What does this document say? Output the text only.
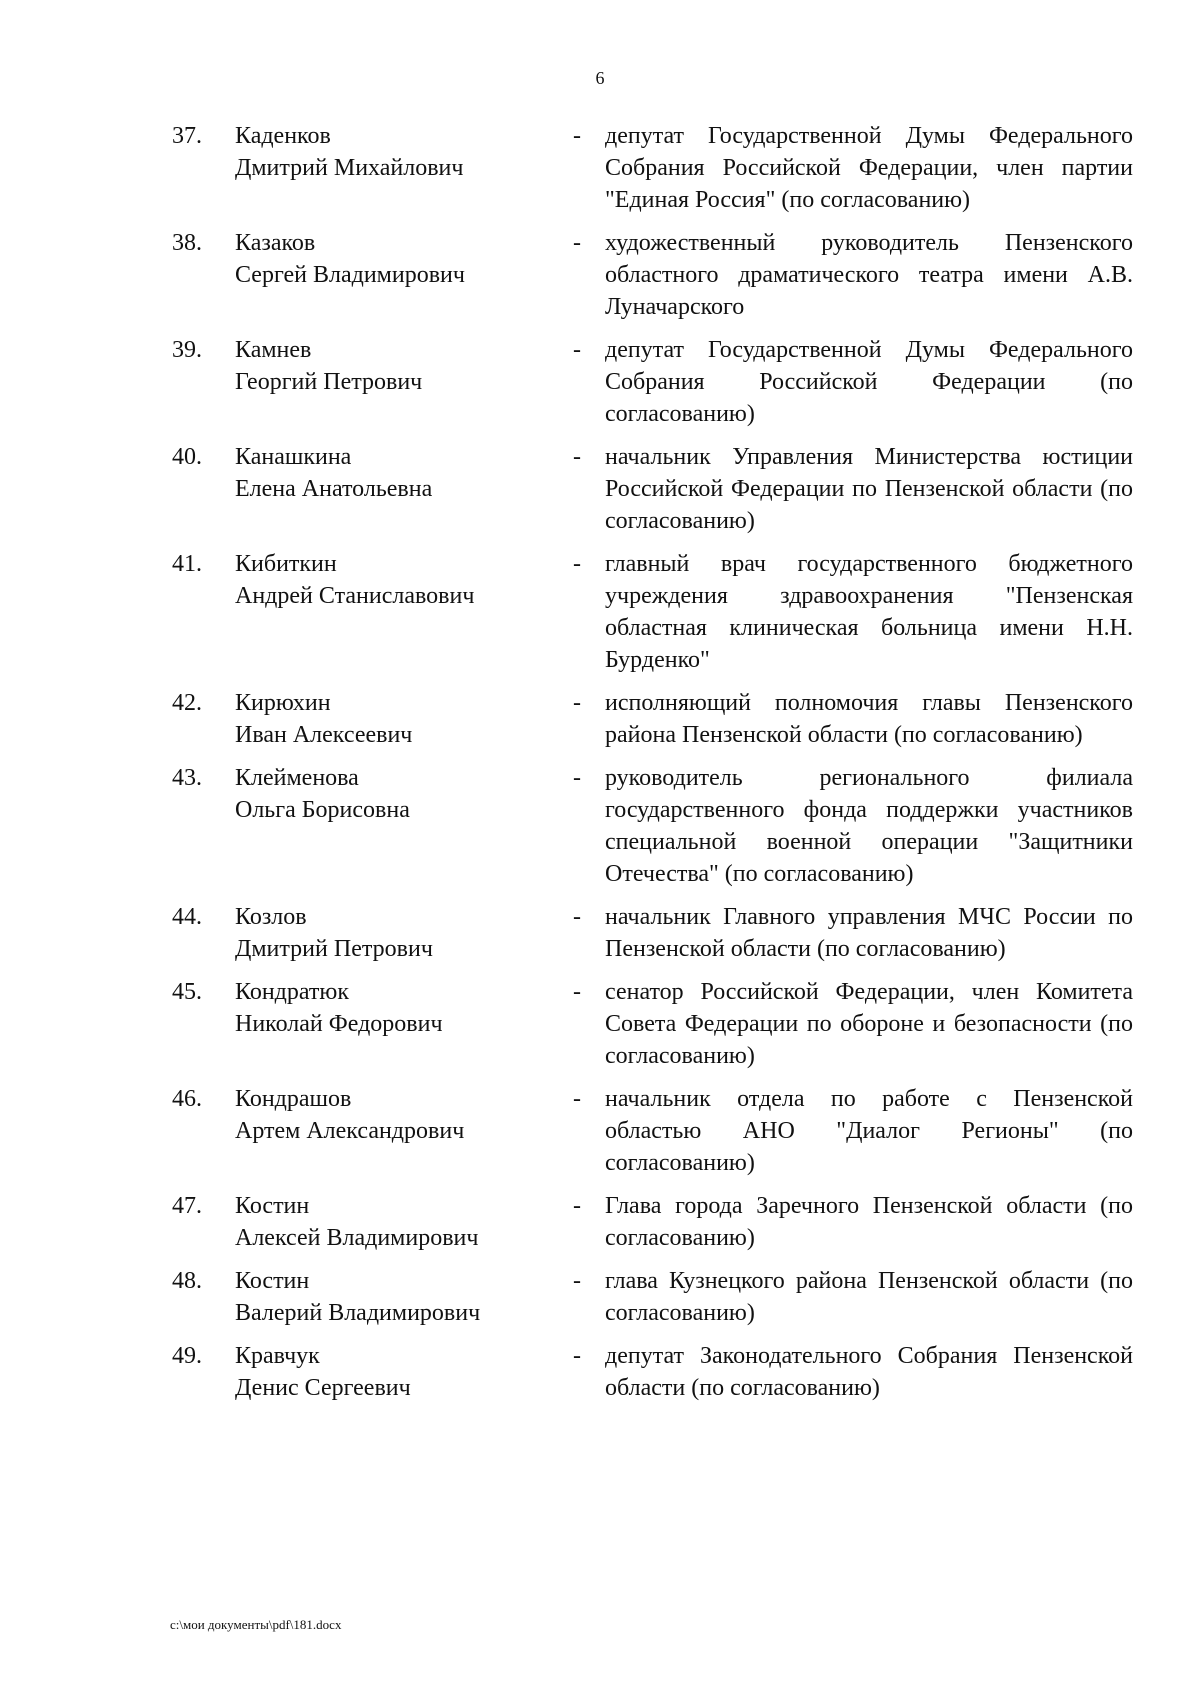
6
37. Каденков
Дмитрий Михайлович
- депутат Государственной Думы Федерального Собрания Российской Федерации, член партии "Единая Россия" (по согласованию)
38. Казаков
Сергей Владимирович
- художественный руководитель Пензенского областного драматического театра имени А.В. Луначарского
39. Камнев
Георгий Петрович
- депутат Государственной Думы Федерального Собрания Российской Федерации (по согласованию)
40. Канашкина
Елена Анатольевна
- начальник Управления Министерства юстиции Российской Федерации по Пензенской области (по согласованию)
41. Кибиткин
Андрей Станиславович
- главный врач государственного бюджетного учреждения здравоохранения "Пензенская областная клиническая больница имени Н.Н. Бурденко"
42. Кирюхин
Иван Алексеевич
- исполняющий полномочия главы Пензенского района Пензенской области (по согласованию)
43. Клейменова
Ольга Борисовна
- руководитель регионального филиала государственного фонда поддержки участников специальной военной операции "Защитники Отечества" (по согласованию)
44. Козлов
Дмитрий Петрович
- начальник Главного управления МЧС России по Пензенской области (по согласованию)
45. Кондратюк
Николай Федорович
- сенатор Российской Федерации, член Комитета Совета Федерации по обороне и безопасности (по согласованию)
46. Кондрашов
Артем Александрович
- начальник отдела по работе с Пензенской областью АНО "Диалог Регионы" (по согласованию)
47. Костин
Алексей Владимирович
- Глава города Заречного Пензенской области (по согласованию)
48. Костин
Валерий Владимирович
- глава Кузнецкого района Пензенской области (по согласованию)
49. Кравчук
Денис Сергеевич
- депутат Законодательного Собрания Пензенской области (по согласованию)
c:\мои документы\pdf\181.docx
